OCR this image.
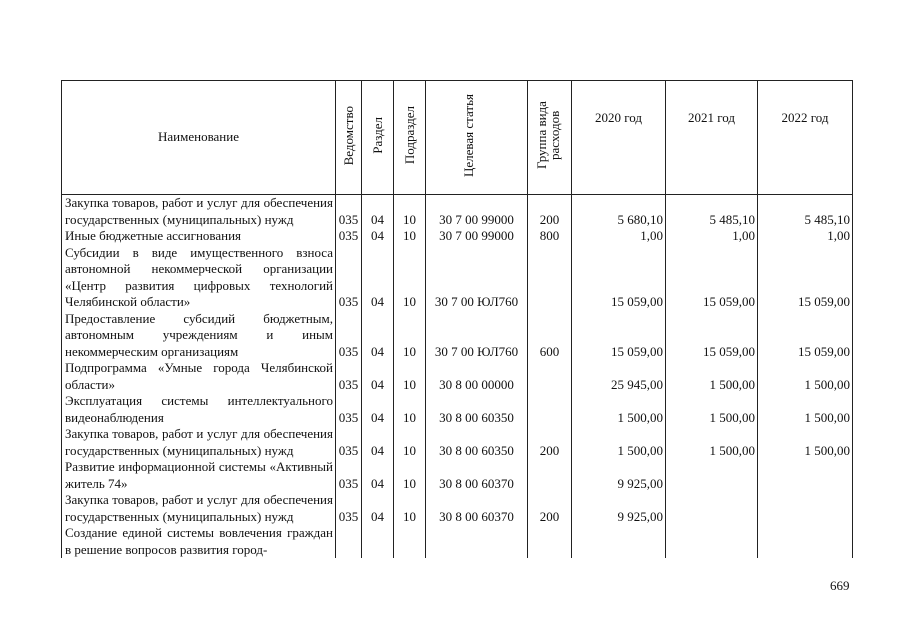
Наименование	Ведомство	Раздел	Подраздел	Целевая статья	Группа вида расходов	2020 год	2021 год	2022 год
Закупка товаров, работ и услуг для обеспечения государственных (муниципальных) нужд	035	04	10	30 7 00 99000	200	5 680,10	5 485,10	5 485,10
Иные бюджетные ассигнования	035	04	10	30 7 00 99000	800	1,00	1,00	1,00
Субсидии в виде имущественного взноса автономной некоммерческой организации «Центр развития цифровых технологий Челябинской области»	035	04	10	30 7 00 ЮЛ760		15 059,00	15 059,00	15 059,00
Предоставление субсидий бюджетным, автономным учреждениям и иным некоммерческим организациям	035	04	10	30 7 00 ЮЛ760	600	15 059,00	15 059,00	15 059,00
Подпрограмма «Умные города Челябинской области»	035	04	10	30 8 00 00000		25 945,00	1 500,00	1 500,00
Эксплуатация системы интеллектуального видеонаблюдения	035	04	10	30 8 00 60350		1 500,00	1 500,00	1 500,00
Закупка товаров, работ и услуг для обеспечения государственных (муниципальных) нужд	035	04	10	30 8 00 60350	200	1 500,00	1 500,00	1 500,00
Развитие информационной системы «Активный житель 74»	035	04	10	30 8 00 60370		9 925,00		
Закупка товаров, работ и услуг для обеспечения государственных (муниципальных) нужд	035	04	10	30 8 00 60370	200	9 925,00		
Создание единой системы вовлечения граждан в решение вопросов развития город-								
669
